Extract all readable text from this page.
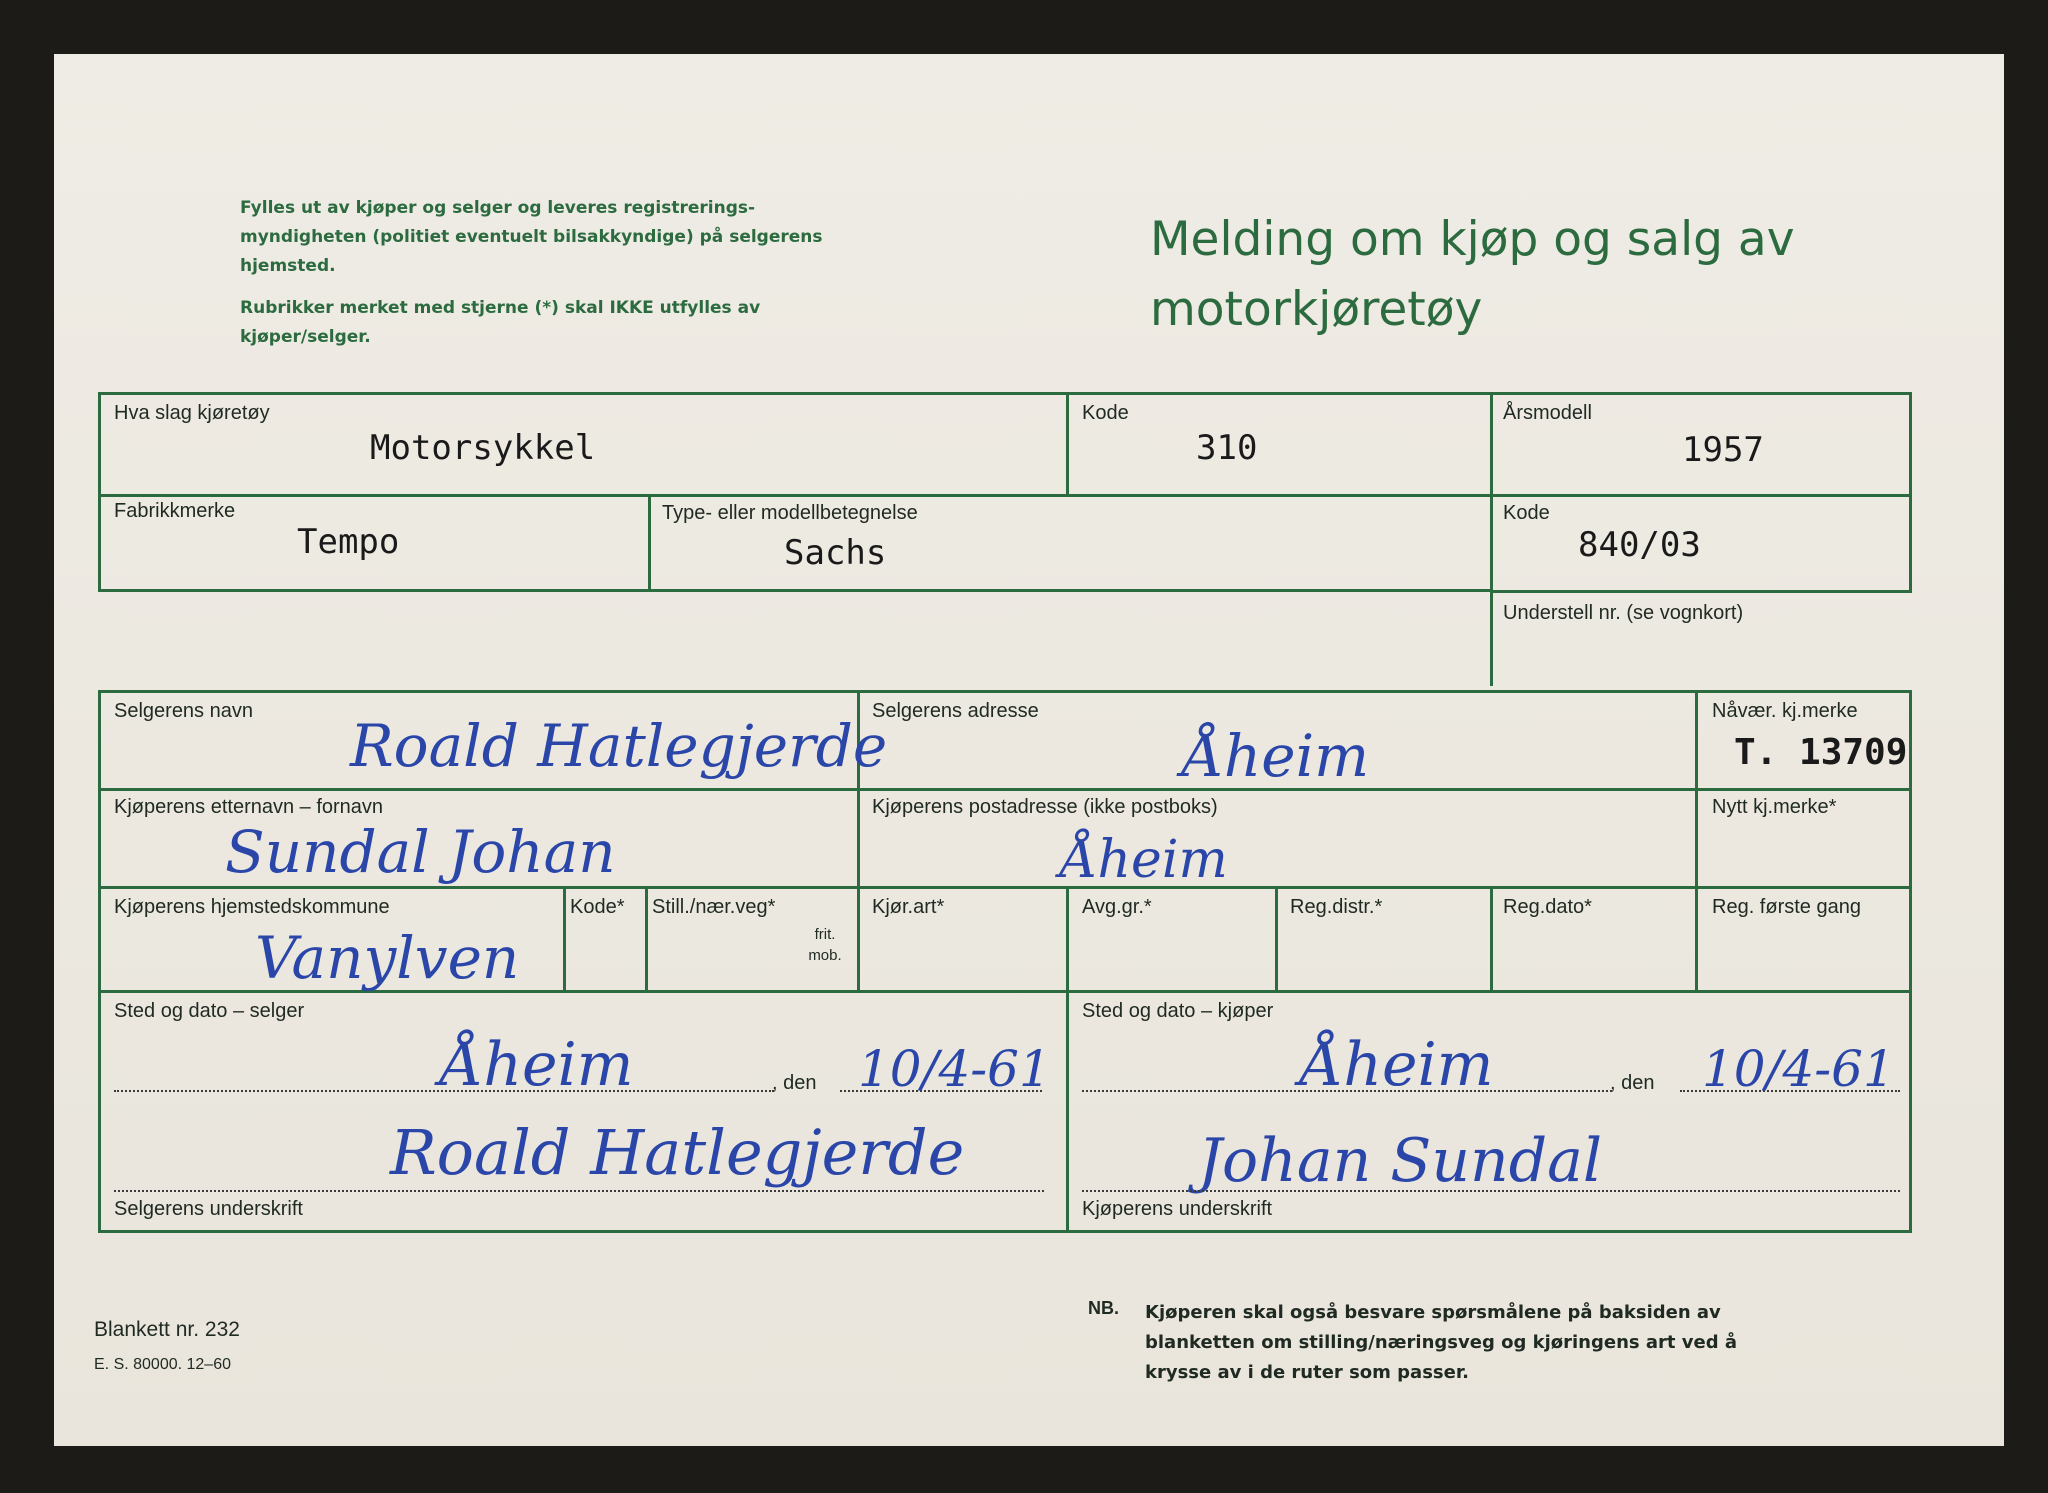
Fylles ut av kjøper og selger og leveres registrerings-myndigheten (politiet eventuelt bilsakkyndige) på selgerens hjemsted.

Rubrikker merket med stjerne (*) skal IKKE utfylles av kjøper/selger.

Melding om kjøp og salg av
motorkjøretøy
Hva slag kjøretøy
Motorsykkel
Kode
310
Årsmodell
1957
Fabrikkmerke
Tempo
Type- eller modellbetegnelse
Sachs
Kode
840/03
Understell nr. (se vognkort)
Selgerens navn
Roald Hatlegjerde
Selgerens adresse
Åheim
Nåvær. kj.merke
T. 13709
Kjøperens etternavn – fornavn
Sundal Johan
Kjøperens postadresse (ikke postboks)
Åheim
Nytt kj.merke*
Kjøperens hjemstedskommune
Vanylven
Kode* Still./nær.veg*
frit. mob.
Kjør.art*	Avg.gr.*	Reg.distr.*	Reg.dato*	Reg. første gang
Sted og dato – selger
Åheim	, den 10/4-61
Roald Hatlegjerde
Selgerens underskrift
Sted og dato – kjøper
Åheim	, den 10/4-61
Johan Sundal
Kjøperens underskrift
Blankett nr. 232
E. S. 80000. 12–60
NB. Kjøperen skal også besvare spørsmålene på baksiden av blanketten om stilling/næringsveg og kjøringens art ved å krysse av i de ruter som passer.
